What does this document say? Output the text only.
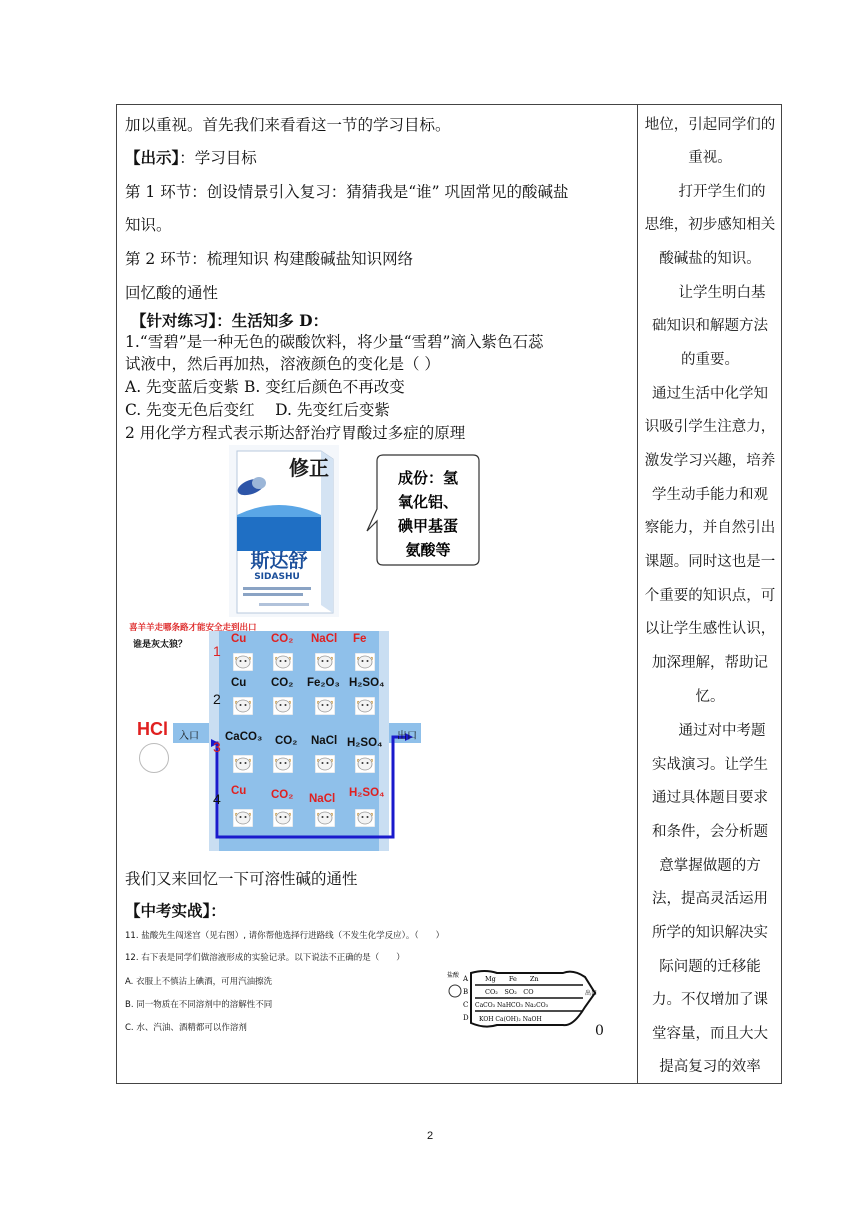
加以重视。首先我们来看看这一节的学习目标。
【出示】：学习目标
第 1 环节：创设情景引入复习：猜猜我是“谁” 巩固常见的酸碱盐
知识。
第 2 环节：梳理知识 构建酸碱盐知识网络
回忆酸的通性
【针对练习】：生活知多 D：
1.“雪碧”是一种无色的碳酸饮料，将少量“雪碧”滴入紫色石蕊
试液中，然后再加热，溶液颜色的变化是（ ）
A. 先变蓝后变紫 B. 变红后颜色不再改变
C. 先变无色后变红 　D. 先变红后变紫
2 用化学方程式表示斯达舒治疗胃酸过多症的原理
修正
斯达舒
SIDASHU
成份：氢
氧化铝、
碘甲基蛋
氨酸等
喜羊羊走哪条路才能安全走到出口
谁是灰太狼？
HCl 入口	出口
1
2
3
4
Cu CO₂ NaCl Fe
Cu CO₂ Fe₂O₃ H₂SO₄
CaCO₃ CO₂ NaCl H₂SO₄
Cu CO₂ NaCl H₂SO₄
我们又来回忆一下可溶性碱的通性
【中考实战】：
11. 盐酸先生闯迷宫（见右图）, 请你帮他选择行进路线（不发生化学反应）。（　　）
12. 右下表是同学们做溶液形成的实验记录。以下说法不正确的是（　　）
A. 衣服上不慎沾上碘酒，可用汽油擦洗
B. 同一物质在不同溶剂中的溶解性不同
C. 水、汽油、酒精都可以作溶剂
盐酸
出口
A
B
C
D
Mg　　Fe　　Zn
CO₂　SO₂　CO
CaCO₃ NaHCO₃ Na₂CO₃
KOH Ca(OH)₂ NaOH
0
地位，引起同学们的
重视。
打开学生们的
思维，初步感知相关
酸碱盐的知识。
让学生明白基
础知识和解题方法
的重要。
通过生活中化学知
识吸引学生注意力，
激发学习兴趣，培养
学生动手能力和观
察能力，并自然引出
课题。同时这也是一
个重要的知识点，可
以让学生感性认识，
加深理解，帮助记
忆。
通过对中考题
实战演习。让学生
通过具体题目要求
和条件，会分析题
意掌握做题的方
法，提高灵活运用
所学的知识解决实
际问题的迁移能
力。不仅增加了课
堂容量，而且大大
提高复习的效率
2
